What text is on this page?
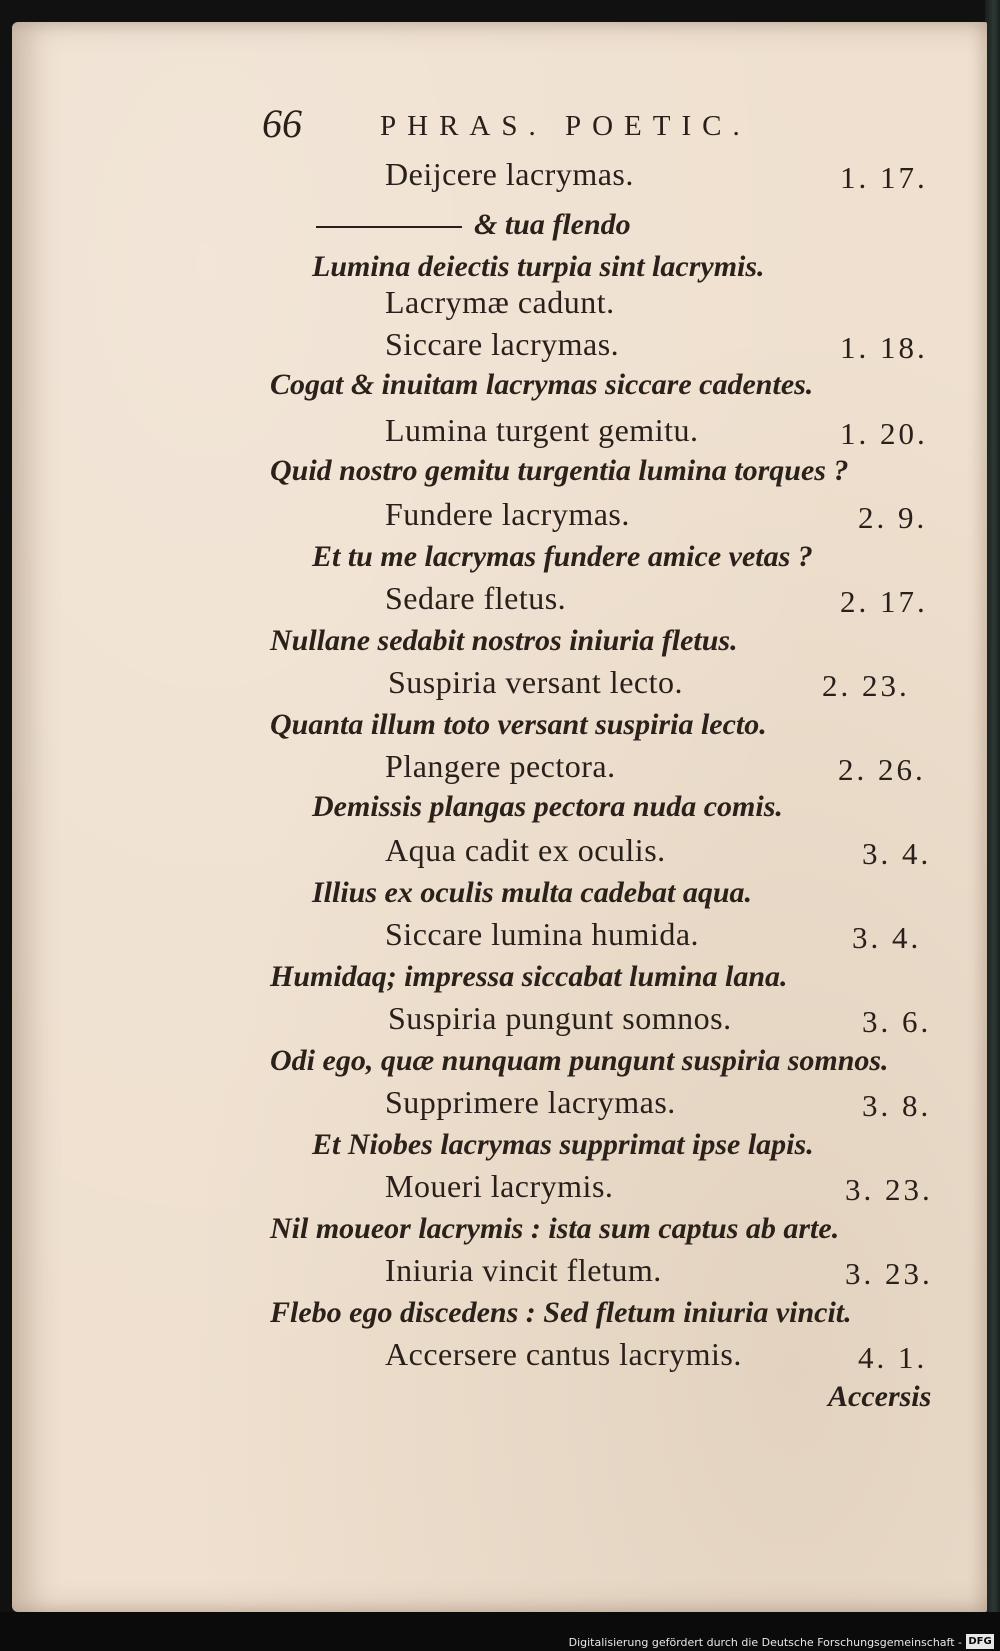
66	PHRAS. POETIC.
Deijcere lacrymas.	1. 17.
& tua flendo
Lumina deiectis turpia sint lacrymis.
Lacrymæ cadunt.
Siccare lacrymas.	1. 18.
Cogat & inuitam lacrymas siccare cadentes.
Lumina turgent gemitu.	1. 20.
Quid nostro gemitu turgentia lumina torques ?
Fundere lacrymas.	2. 9.
Et tu me lacrymas fundere amice vetas ?
Sedare fletus.	2. 17.
Nullane sedabit nostros iniuria fletus.
Suspiria versant lecto.	2. 23.
Quanta illum toto versant suspiria lecto.
Plangere pectora.	2. 26.
Demissis plangas pectora nuda comis.
Aqua cadit ex oculis.	3. 4.
Illius ex oculis multa cadebat aqua.
Siccare lumina humida.	3. 4.
Humidaq; impressa siccabat lumina lana.
Suspiria pungunt somnos.	3. 6.
Odi ego, quæ nunquam pungunt suspiria somnos.
Supprimere lacrymas.	3. 8.
Et Niobes lacrymas supprimat ipse lapis.
Moueri lacrymis.	3. 23.
Nil moueor lacrymis : ista sum captus ab arte.
Iniuria vincit fletum.	3. 23.
Flebo ego discedens : Sed fletum iniuria vincit.
Accersere cantus lacrymis.	4. 1.
Accersis
Digitalisierung gefördert durch die Deutsche Forschungsgemeinschaft - DFG
